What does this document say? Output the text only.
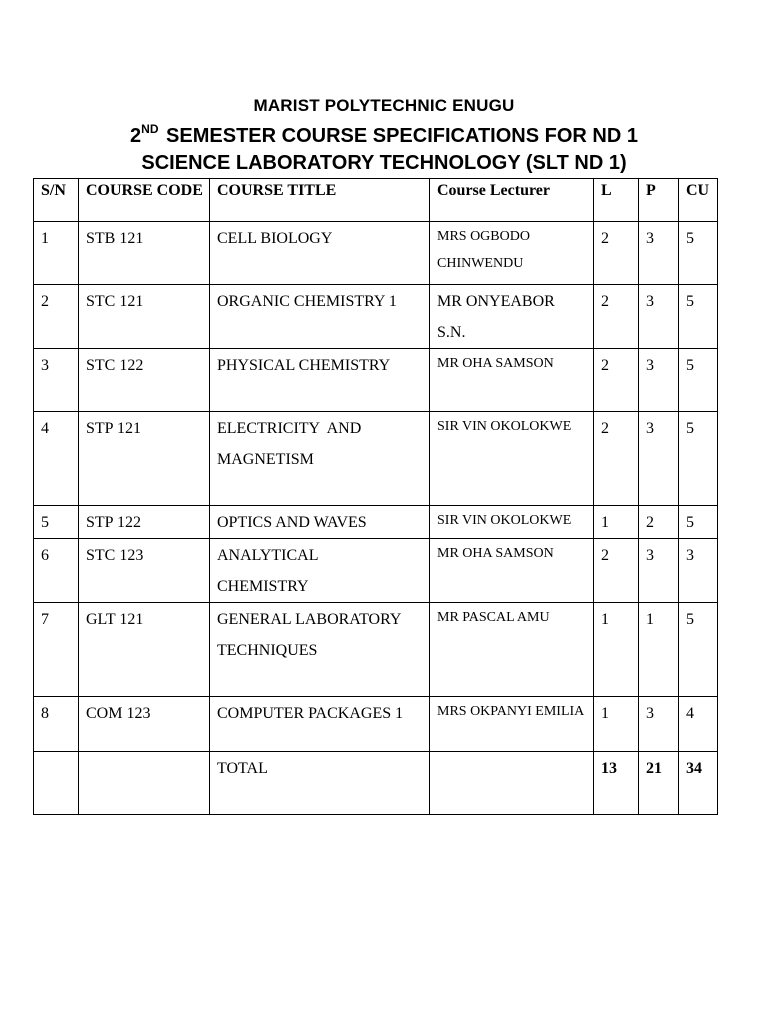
MARIST POLYTECHNIC ENUGU
2ND SEMESTER COURSE SPECIFICATIONS FOR ND 1
SCIENCE LABORATORY TECHNOLOGY (SLT ND 1)
S/N	COURSE CODE	COURSE TITLE	Course Lecturer	L	P	CU
1	STB 121	CELL BIOLOGY	MRS OGBODO CHINWENDU	2	3	5
2	STC 121	ORGANIC CHEMISTRY 1	MR ONYEABOR S.N.	2	3	5
3	STC 122	PHYSICAL CHEMISTRY	MR OHA SAMSON	2	3	5
4	STP 121	ELECTRICITY  AND MAGNETISM	SIR VIN OKOLOKWE	2	3	5
5	STP 122	OPTICS AND WAVES	SIR VIN OKOLOKWE	1	2	5
6	STC 123	ANALYTICAL CHEMISTRY	MR OHA SAMSON	2	3	3
7	GLT 121	GENERAL LABORATORY TECHNIQUES	MR PASCAL AMU	1	1	5
8	COM 123	COMPUTER PACKAGES 1	MRS OKPANYI EMILIA	1	3	4
		TOTAL		13	21	34
